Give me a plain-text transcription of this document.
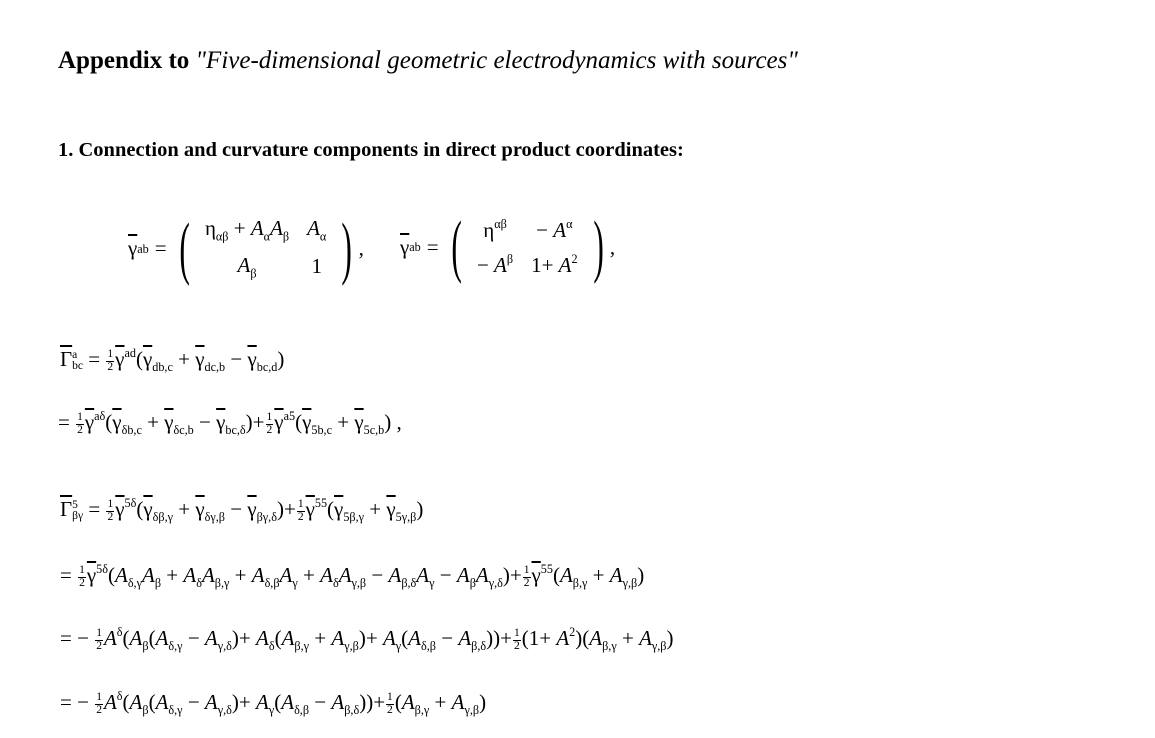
Appendix to "Five-dimensional geometric electrodynamics with sources"
1. Connection and curvature components in direct product coordinates:
$\overline{\gamma}$ ab = ( $\eta_{\alpha\beta} + A_\alpha A_\beta$	$A_\alpha$
$A_\beta$	1 ) , $\overline{\gamma}$ ab = ( $\eta^{\alpha\beta}$	− $A^\alpha$
− $A^\beta$	$1+ A^2$ ) ,
$\overline{\Gamma}$ a
bc = $\frac{1}{2} \overline{\gamma}^{ad}(\overline{\gamma}_{db,c} + \overline{\gamma}_{dc,b} - \overline{\gamma}_{bc,d})$
= $\frac{1}{2} \overline{\gamma}^{a\delta}(\overline{\gamma}_{\delta b,c} + \overline{\gamma}_{\delta c,b} - \overline{\gamma}_{bc,\delta})+ \frac{1}{2} \overline{\gamma}^{a5}(\overline{\gamma}_{5b,c} + \overline{\gamma}_{5c,b})$ ,
$\overline{\Gamma}$ 5
$\beta\gamma = \frac{1}{2} \overline{\gamma}^{5\delta}(\overline{\gamma}_{\delta\beta,\gamma} + \overline{\gamma}_{\delta\gamma,\beta} - \overline{\gamma}_{\beta\gamma,\delta})+ \frac{1}{2} \overline{\gamma}^{55}(\overline{\gamma}_{5\beta,\gamma} + \overline{\gamma}_{5\gamma,\beta})$
= $\frac{1}{2} \overline{\gamma}^{5\delta}(A_{\delta,\gamma}A_\beta + A_\delta A_{\beta,\gamma} + A_{\delta,\beta}A_\gamma + A_\delta A_{\gamma,\beta} - A_{\beta,\delta}A_\gamma - A_\beta A_{\gamma,\delta})+ \frac{1}{2} \overline{\gamma}^{55}(A_{\beta,\gamma} + A_{\gamma,\beta})$
= − $\frac{1}{2} A^\delta(A_\beta(A_{\delta,\gamma} - A_{\gamma,\delta})+ A_\delta(A_{\beta,\gamma} + A_{\gamma,\beta})+ A_\gamma(A_{\delta,\beta} - A_{\beta,\delta}))+ \frac{1}{2} (1+ A^2)(A_{\beta,\gamma} + A_{\gamma,\beta})$
= − $\frac{1}{2} A^\delta(A_\beta(A_{\delta,\gamma} - A_{\gamma,\delta})+ A_\gamma(A_{\delta,\beta} - A_{\beta,\delta}))+ \frac{1}{2} (A_{\beta,\gamma} + A_{\gamma,\beta})$
